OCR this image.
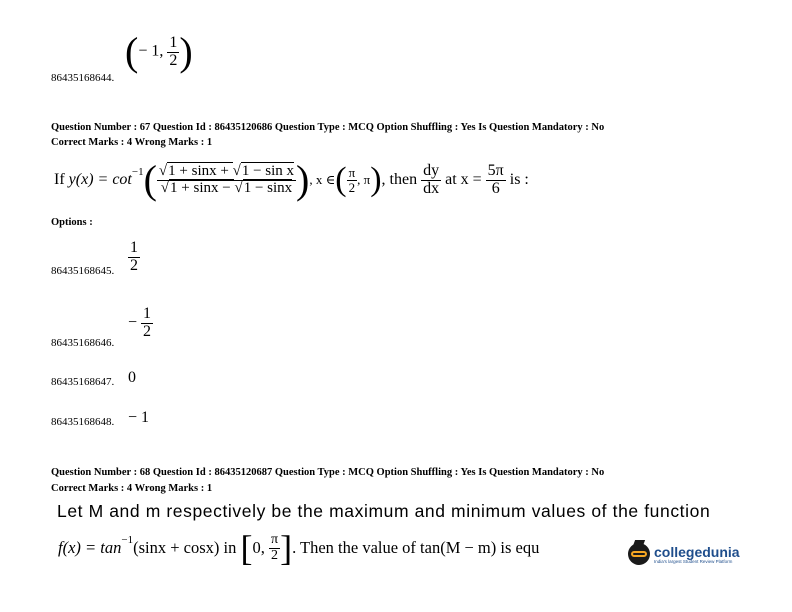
86435168644.
(− 1, $\frac{1}{2}$ )
Question Number : 67 Question Id : 86435120686 Question Type : MCQ Option Shuffling : Yes Is Question Mandatory : No
Correct Marks : 4 Wrong Marks : 1
If
$y(x) = \cot^{-1}$ ( $\frac{\text{√1 + sinx + √1 − sin x}}{√1 + \sin x - √1 - \sin x}$ ) , x ∈ ( $\frac{\pi}{2}$ , π ) , then
$\frac{dy}{dx}$
at x =
$\frac{5\pi}{6}$
is :
Options :
86435168645. $\frac{1}{2}$
86435168646.
−
$\frac{1}{2}$
86435168647. 0
86435168648. − 1
Question Number : 68 Question Id : 86435120687 Question Type : MCQ Option Shuffling : Yes Is Question Mandatory : No
Correct Marks : 4 Wrong Marks : 1
Let M and m respectively be the maximum and minimum values of the function
$f(x) = \tan^{-1} (\sin x + \cos x)$ in
[ 0,
$\frac{\pi}{2}$ ] . Then the value of tan(M − m) is equ	collegedunia
India's largest Student Review Platform
